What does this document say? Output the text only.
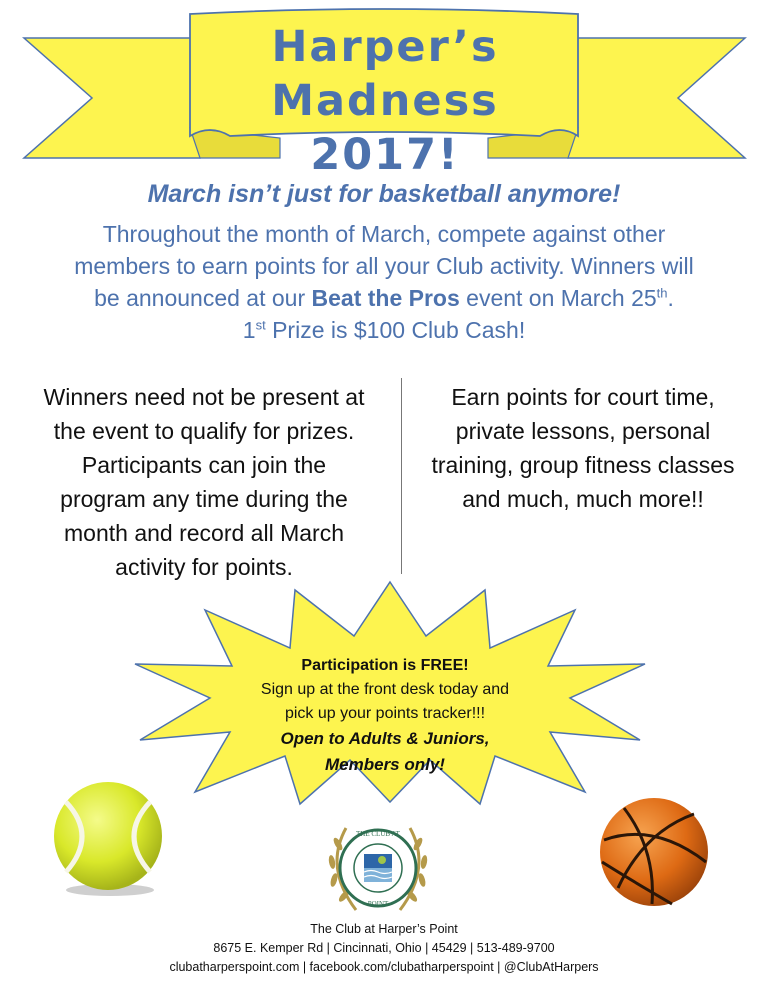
Harper’s
Madness 2017!
March isn’t just for basketball anymore!
Throughout the month of March, compete against other
members to earn points for all your Club activity. Winners will
be announced at our Beat the Pros event on March 25th.
1st Prize is $100 Club Cash!
Winners need not be present at
the event to qualify for prizes.
Participants can join the
program any time during the
month and record all March
activity for points.
Earn points for court time,
private lessons, personal
training, group fitness classes
and much, much more!!
Participation is FREE!
Sign up at the front desk today and
pick up your points tracker!!!
Open to Adults & Juniors,
Members only!
THE CLUB AT
POINT
The Club at Harper’s Point
8675 E. Kemper Rd | Cincinnati, Ohio | 45429 | 513-489-9700
clubatharperspoint.com | facebook.com/clubatharperspoint | @ClubAtHarpers
